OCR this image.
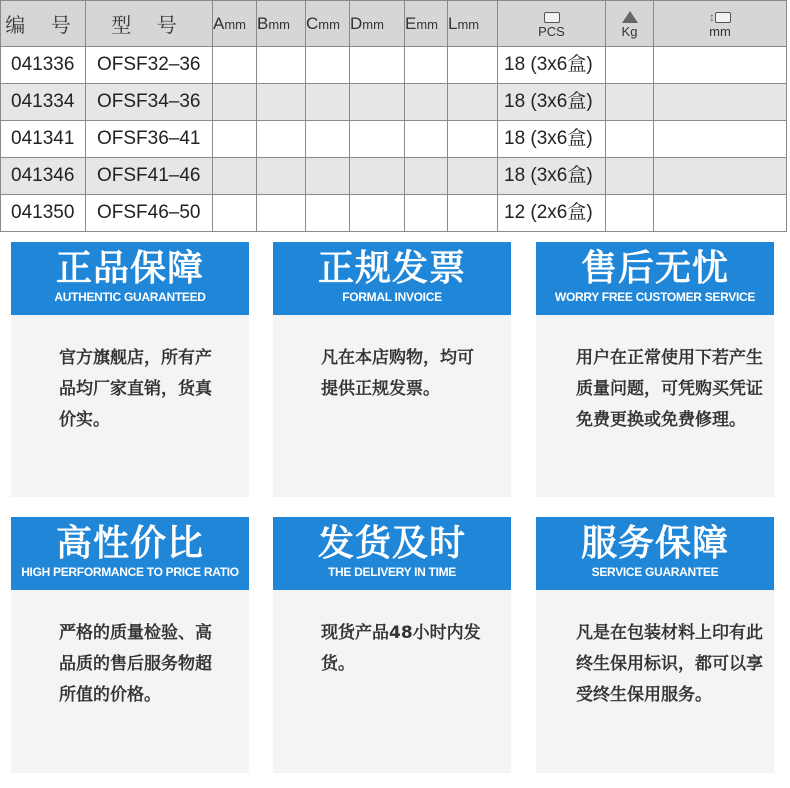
编 号	型 号	Amm	Bmm	Cmm	Dmm	Emm	Lmm	PCS	Kg	↕
mm
041336	OFSF32–36							18 (3x6盒)		
041334	OFSF34–36							18 (3x6盒)		
041341	OFSF36–41							18 (3x6盒)		
041346	OFSF41–46							18 (3x6盒)		
041350	OFSF46–50							12 (2x6盒)		
正品保障
AUTHENTIC GUARANTEED
官方旗舰店，所有产品均厂家直销，货真价实。
正规发票
FORMAL INVOICE
凡在本店购物，均可提供正规发票。
售后无忧
WORRY FREE CUSTOMER SERVICE
用户在正常使用下若产生质量问题，可凭购买凭证免费更换或免费修理。
高性价比
HIGH PERFORMANCE TO PRICE RATIO
严格的质量检验、高品质的售后服务物超所值的价格。
发货及时
THE DELIVERY IN TIME
现货产品48小时内发货。
服务保障
SERVICE GUARANTEE
凡是在包装材料上印有此终生保用标识，都可以享受终生保用服务。
